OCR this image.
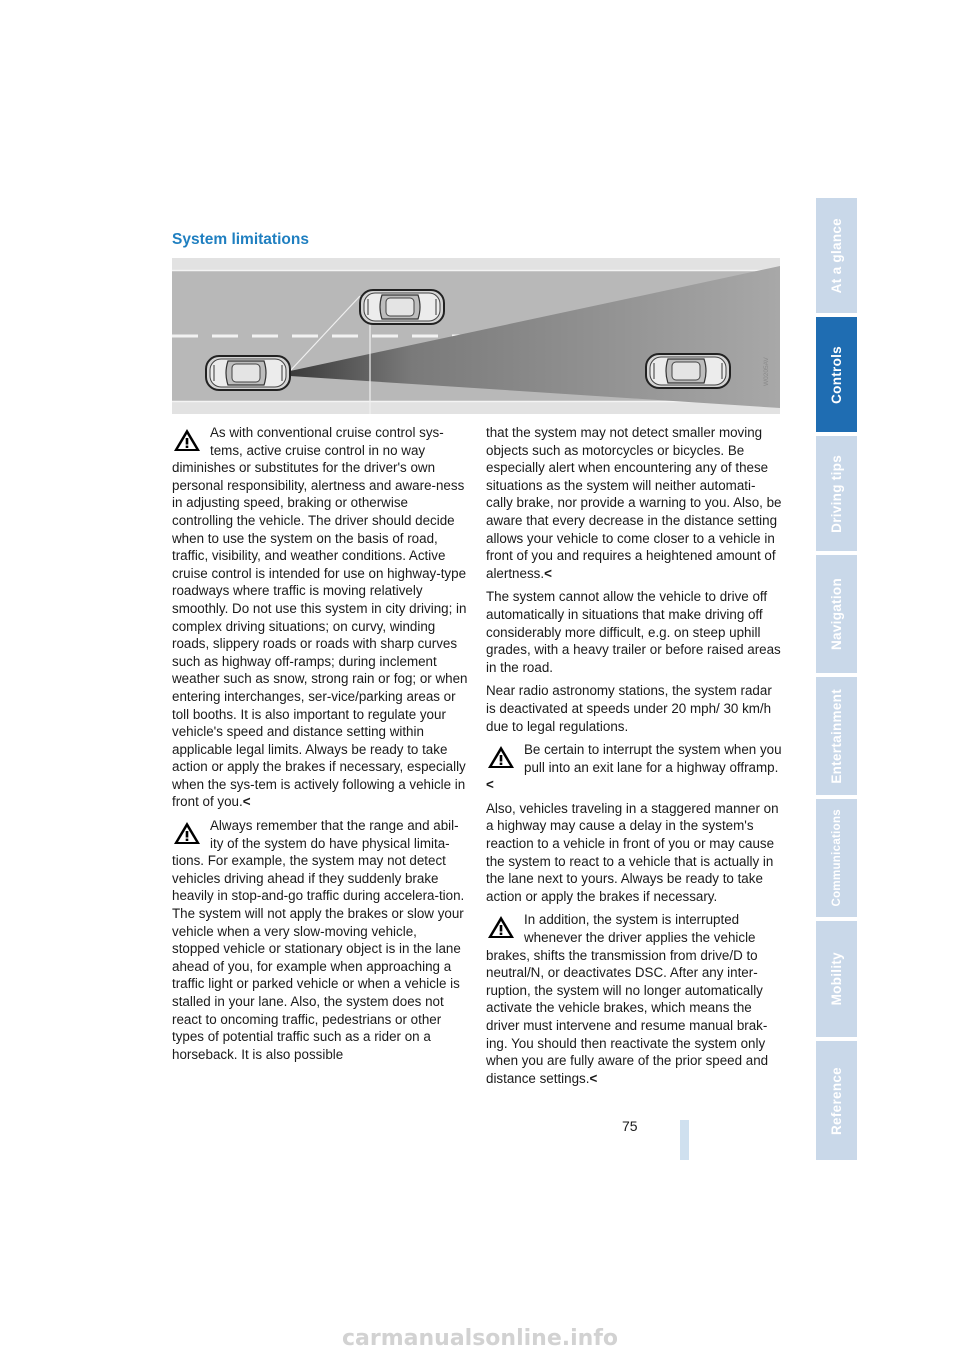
System limitations
W0205AV
As with conventional cruise control sys-tems, active cruise control in no way diminishes or substitutes for the driver's own personal responsibility, alertness and aware-ness in adjusting speed, braking or otherwise controlling the vehicle. The driver should decide when to use the system on the basis of road, traffic, visibility, and weather conditions. Active cruise control is intended for use on highway-type roadways where traffic is moving relatively smoothly. Do not use this system in city driving; in complex driving situations; on curvy, winding roads, slippery roads or roads with sharp curves such as highway off-ramps; during inclement weather such as snow, strong rain or fog; or when entering interchanges, ser-vice/parking areas or toll booths. It is also important to regulate your vehicle's speed and distance setting within applicable legal limits. Always be ready to take action or apply the brakes if necessary, especially when the sys-tem is actively following a vehicle in front of you.<
Always remember that the range and abil-ity of the system do have physical limita-tions. For example, the system may not detect vehicles driving ahead if they suddenly brake heavily in stop-and-go traffic during accelera-tion. The system will not apply the brakes or slow your vehicle when a very slow-moving vehicle, stopped vehicle or stationary object is in the lane ahead of you, for example when approaching a traffic light or parked vehicle or when a vehicle is stalled in your lane. Also, the system does not react to oncoming traffic, pedestrians or other types of potential traffic such as a rider on a horseback. It is also possible

that the system may not detect smaller moving objects such as motorcycles or bicycles. Be especially alert when encountering any of these situations as the system will neither automati-cally brake, nor provide a warning to you. Also, be aware that every decrease in the distance setting allows your vehicle to come closer to a vehicle in front of you and requires a heightened amount of alertness.<

The system cannot allow the vehicle to drive off automatically in situations that make driving off considerably more difficult, e.g. on steep uphill grades, with a heavy trailer or before raised areas in the road.

Near radio astronomy stations, the system radar is deactivated at speeds under 20 mph/ 30 km/h due to legal regulations.

Be certain to interrupt the system when you pull into an exit lane for a highway offramp.<

Also, vehicles traveling in a staggered manner on a highway may cause a delay in the system's reaction to a vehicle in front of you or may cause the system to react to a vehicle that is actually in the lane next to yours. Always be ready to take action or apply the brakes if necessary.

In addition, the system is interrupted whenever the driver applies the vehicle brakes, shifts the transmission from drive/D to neutral/N, or deactivates DSC. After any inter-ruption, the system will no longer automatically activate the vehicle brakes, which means the driver must intervene and resume manual brak-ing. You should then reactivate the system only when you are fully aware of the prior speed and distance settings.<
75
At a glance
Controls
Driving tips
Navigation
Entertainment
Communications
Mobility
Reference
carmanualsonline.info
